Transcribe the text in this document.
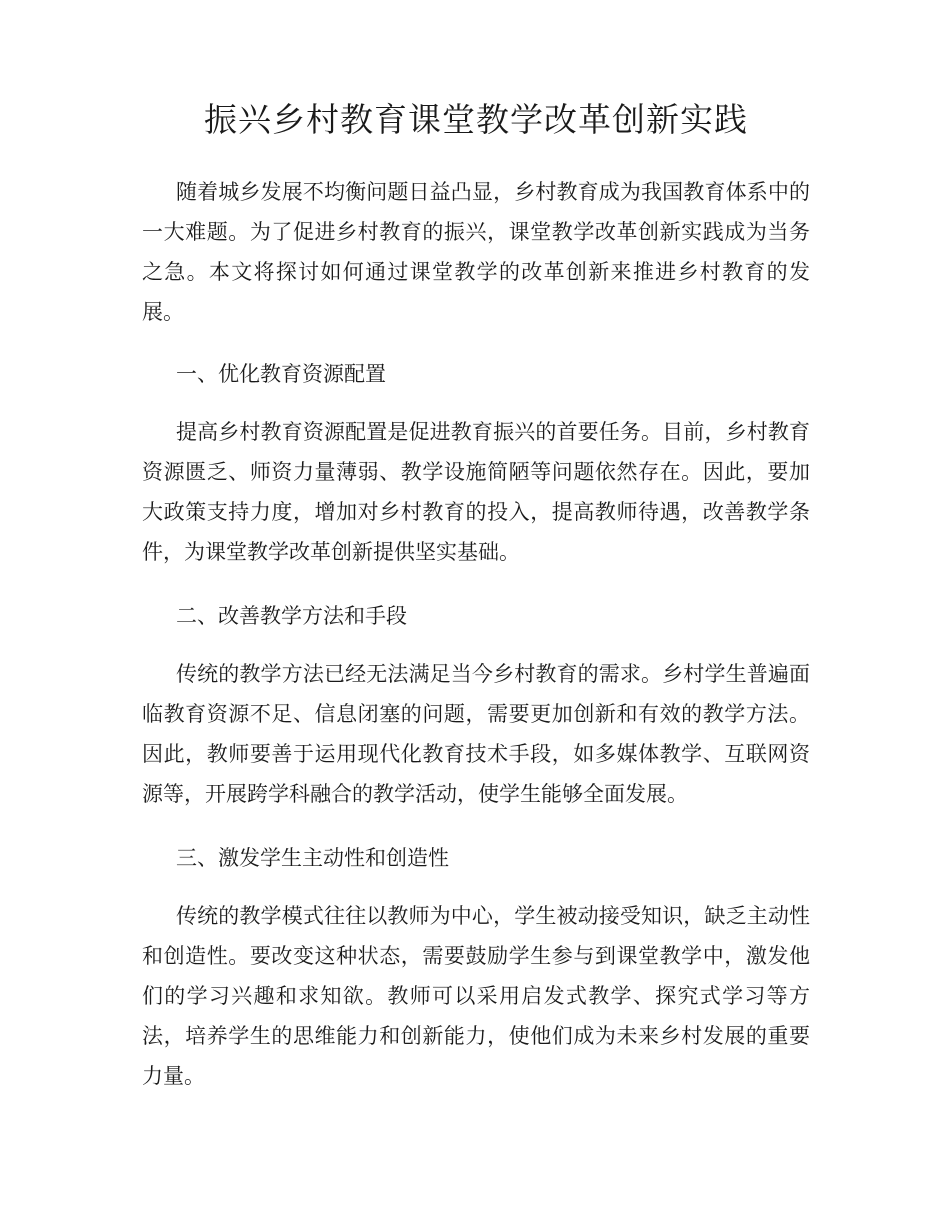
振兴乡村教育课堂教学改革创新实践

随着城乡发展不均衡问题日益凸显，乡村教育成为我国教育体系中的一大难题。为了促进乡村教育的振兴，课堂教学改革创新实践成为当务之急。本文将探讨如何通过课堂教学的改革创新来推进乡村教育的发展。

一、优化教育资源配置

提高乡村教育资源配置是促进教育振兴的首要任务。目前，乡村教育资源匮乏、师资力量薄弱、教学设施简陋等问题依然存在。因此，要加大政策支持力度，增加对乡村教育的投入，提高教师待遇，改善教学条件，为课堂教学改革创新提供坚实基础。

二、改善教学方法和手段

传统的教学方法已经无法满足当今乡村教育的需求。乡村学生普遍面临教育资源不足、信息闭塞的问题，需要更加创新和有效的教学方法。因此，教师要善于运用现代化教育技术手段，如多媒体教学、互联网资源等，开展跨学科融合的教学活动，使学生能够全面发展。

三、激发学生主动性和创造性

传统的教学模式往往以教师为中心，学生被动接受知识，缺乏主动性和创造性。要改变这种状态，需要鼓励学生参与到课堂教学中，激发他们的学习兴趣和求知欲。教师可以采用启发式教学、探究式学习等方法，培养学生的思维能力和创新能力，使他们成为未来乡村发展的重要力量。
